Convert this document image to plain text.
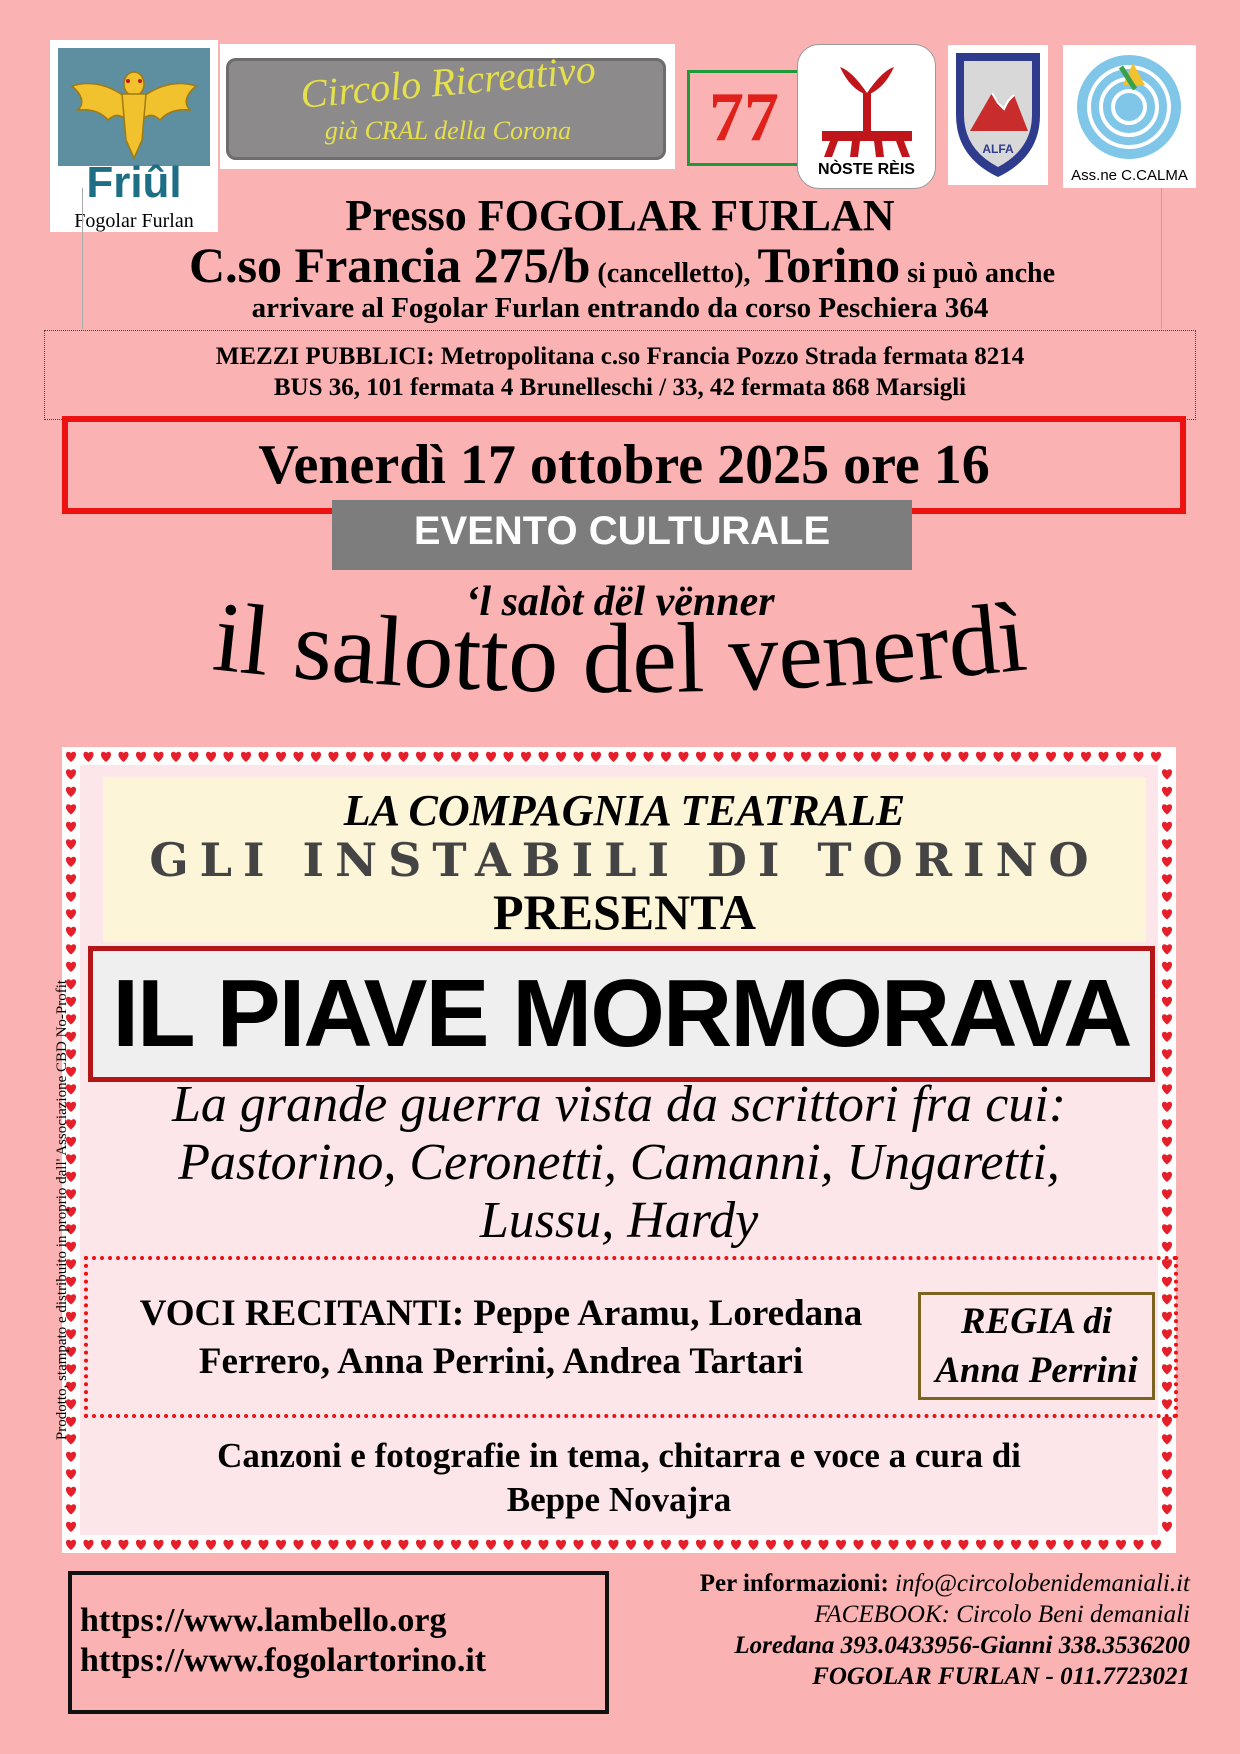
Friûl
Fogolar Furlan
Circolo Ricreativo
già CRAL della Corona	77
NÒSTE RÈIS
ALFA
Ass.ne C.CALMA
Presso FOGOLAR FURLAN
C.so Francia 275/b (cancelletto), Torino si può anche
arrivare al Fogolar Furlan entrando da corso Peschiera 364
MEZZI PUBBLICI: Metropolitana c.so Francia Pozzo Strada fermata 8214
BUS 36, 101 fermata 4 Brunelleschi / 33, 42 fermata 868 Marsigli
Venerdì 17 ottobre 2025 ore 16
EVENTO CULTURALE
‘l salòt dël vënner
il salotto del venerdì
LA COMPAGNIA TEATRALE
GLI INSTABILI DI TORINO
PRESENTA
IL PIAVE MORMORAVA
La grande guerra vista da scrittori fra cui:
Pastorino, Ceronetti, Camanni, Ungaretti,
Lussu, Hardy
VOCI RECITANTI: Peppe Aramu, Loredana
Ferrero, Anna Perrini, Andrea Tartari
REGIA di
Anna Perrini
Canzoni e fotografie in tema, chitarra e voce a cura di
Beppe Novajra
Prodotto, stampato e distribuito in proprio dall' Associazione CBD No-Profit
https://www.lambello.org
https://www.fogolartorino.it
Per informazioni: info@circolobenidemaniali.it
FACEBOOK: Circolo Beni demaniali
Loredana 393.0433956-Gianni 338.3536200
FOGOLAR FURLAN - 011.7723021
